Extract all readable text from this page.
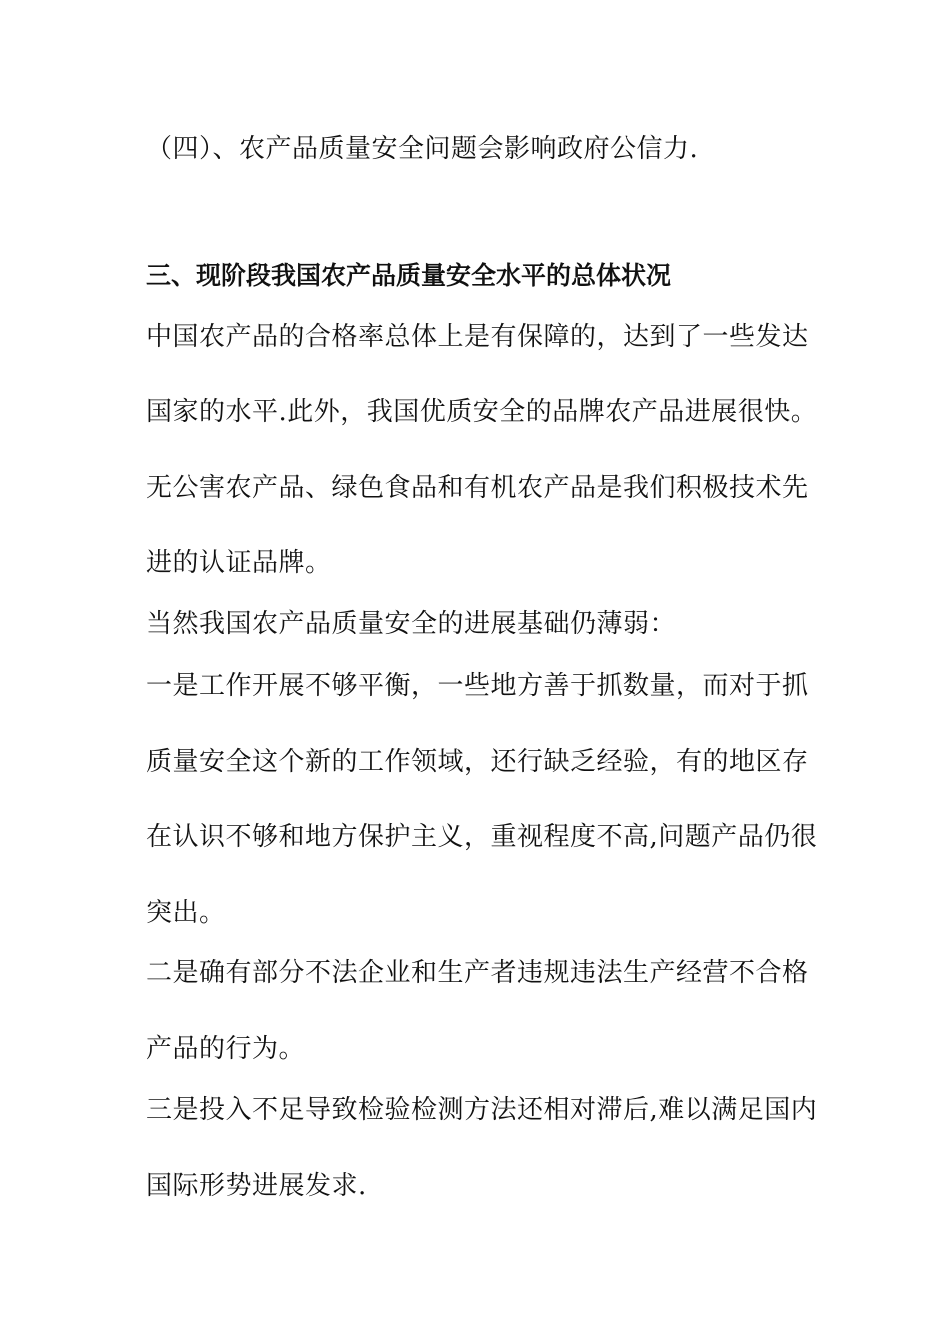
（四）、农产品质量安全问题会影响政府公信力.
三、现阶段我国农产品质量安全水平的总体状况
中国农产品的合格率总体上是有保障的，达到了一些发达
国家的水平.此外，我国优质安全的品牌农产品进展很快。
无公害农产品、绿色食品和有机农产品是我们积极技术先
进的认证品牌。
当然我国农产品质量安全的进展基础仍薄弱：
一是工作开展不够平衡，一些地方善于抓数量，而对于抓
质量安全这个新的工作领域，还行缺乏经验，有的地区存
在认识不够和地方保护主义，重视程度不高,问题产品仍很
突出。
二是确有部分不法企业和生产者违规违法生产经营不合格
产品的行为。
三是投入不足导致检验检测方法还相对滞后,难以满足国内
国际形势进展发求.
